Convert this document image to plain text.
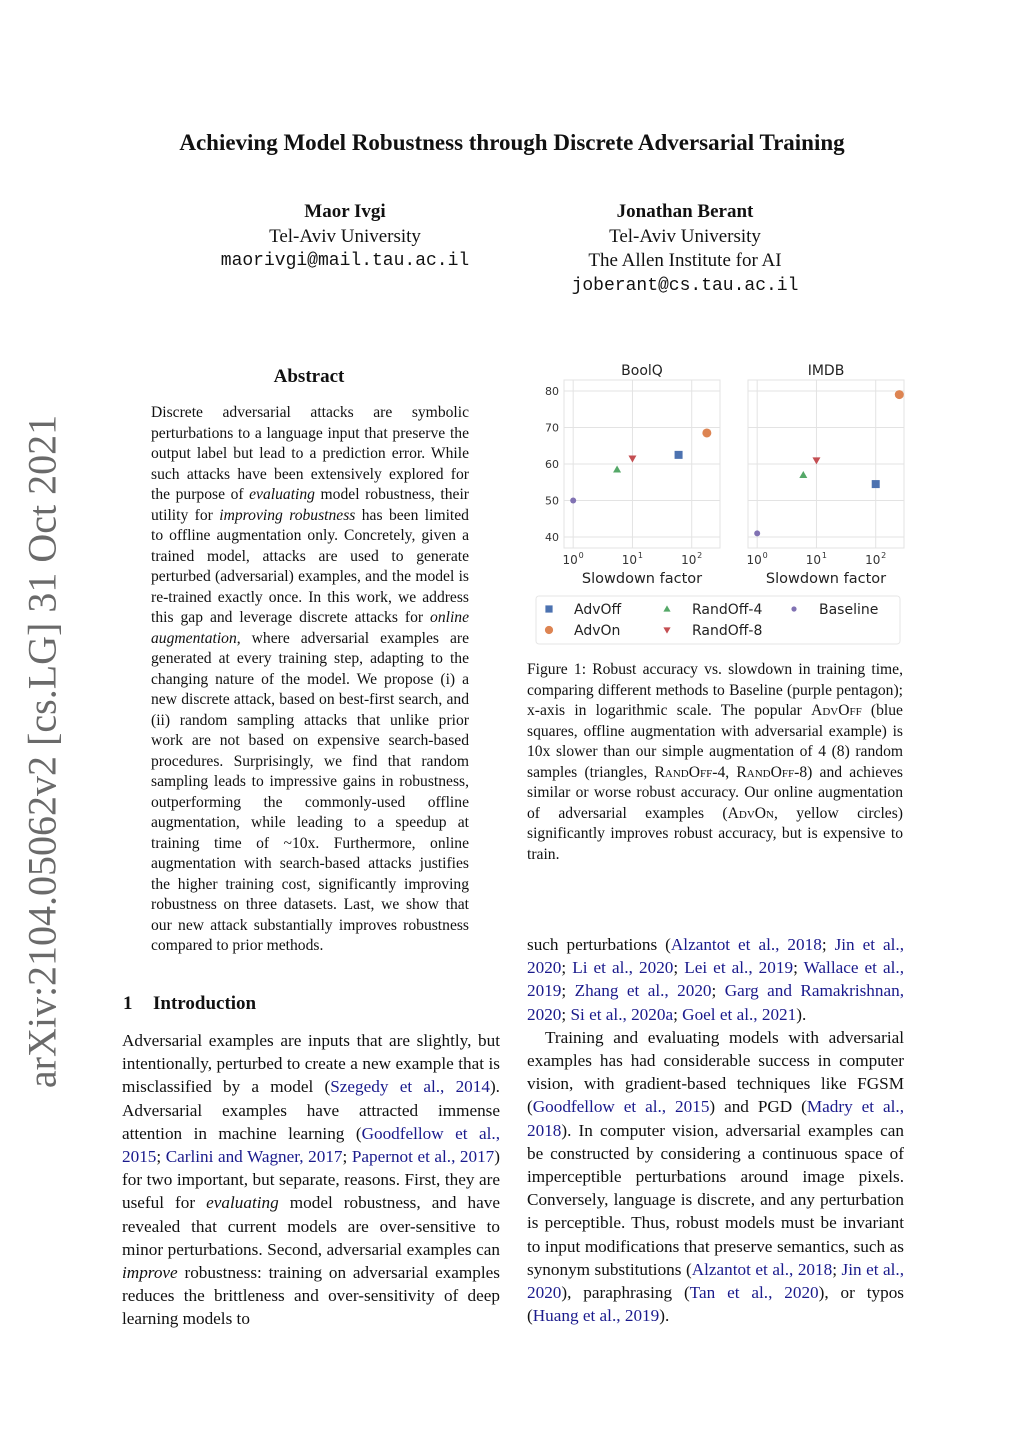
Achieving Model Robustness through Discrete Adversarial Training
Maor Ivgi
Tel-Aviv University
maorivgi@mail.tau.ac.il
Jonathan Berant
Tel-Aviv University
The Allen Institute for AI
joberant@cs.tau.ac.il
arXiv:2104.05062v2 [cs.LG] 31 Oct 2021
Abstract
Discrete adversarial attacks are symbolic perturbations to a language input that preserve the output label but lead to a prediction error. While such attacks have been extensively explored for the purpose of evaluating model robustness, their utility for improving robustness has been limited to offline augmentation only. Concretely, given a trained model, attacks are used to generate perturbed (adversarial) examples, and the model is re-trained exactly once. In this work, we address this gap and leverage discrete attacks for online augmentation, where adversarial examples are generated at every training step, adapting to the changing nature of the model. We propose (i) a new discrete attack, based on best-first search, and (ii) random sampling attacks that unlike prior work are not based on expensive search-based procedures. Surprisingly, we find that random sampling leads to impressive gains in robustness, outperforming the commonly-used offline augmentation, while leading to a speedup at training time of ~10x. Furthermore, online augmentation with search-based attacks justifies the higher training cost, significantly improving robustness on three datasets. Last, we show that our new attack substantially improves robustness compared to prior methods.
1 Introduction
Adversarial examples are inputs that are slightly, but intentionally, perturbed to create a new example that is misclassified by a model (Szegedy et al., 2014). Adversarial examples have attracted immense attention in machine learning (Goodfellow et al., 2015; Carlini and Wagner, 2017; Papernot et al., 2017) for two important, but separate, reasons. First, they are useful for evaluating model robustness, and have revealed that current models are over-sensitive to minor perturbations. Second, adversarial examples can improve robustness: training on adversarial examples reduces the brittleness and over-sensitivity of deep learning models to
40
50
60
70
80
10 0	10 1	10 2
BoolQ
Slowdown factor
10 0	10 1	10 2
IMDB
Slowdown factor
AdvOff
AdvOn
RandOff-4
RandOff-8
Baseline
Figure 1: Robust accuracy vs. slowdown in training time, comparing different methods to Baseline (purple pentagon); x-axis in logarithmic scale. The popular AdvOff (blue squares, offline augmentation with adversarial example) is 10x slower than our simple augmentation of 4 (8) random samples (triangles, RandOff-4, RandOff-8) and achieves similar or worse robust accuracy. Our online augmentation of adversarial examples (AdvOn, yellow circles) significantly improves robust accuracy, but is expensive to train.

such perturbations (Alzantot et al., 2018; Jin et al., 2020; Li et al., 2020; Lei et al., 2019; Wallace et al., 2019; Zhang et al., 2020; Garg and Ramakrishnan, 2020; Si et al., 2020a; Goel et al., 2021).

Training and evaluating models with adversarial examples has had considerable success in computer vision, with gradient-based techniques like FGSM (Goodfellow et al., 2015) and PGD (Madry et al., 2018). In computer vision, adversarial examples can be constructed by considering a continuous space of imperceptible perturbations around image pixels. Conversely, language is discrete, and any perturbation is perceptible. Thus, robust models must be invariant to input modifications that preserve semantics, such as synonym substitutions (Alzantot et al., 2018; Jin et al., 2020), paraphrasing (Tan et al., 2020), or typos (Huang et al., 2019).
